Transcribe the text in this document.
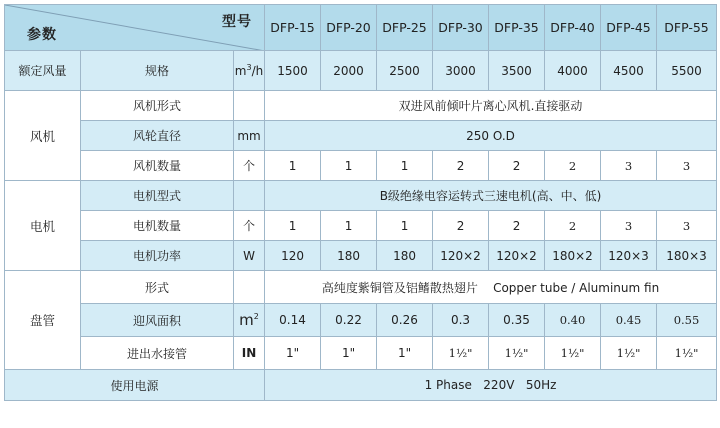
型号
参数			DFP-15	DFP-20	DFP-25	DFP-30	DFP-35	DFP-40	DFP-45	DFP-55
额定风量	规格	$m^3/h$	1500	2000	2500	3000	3500	4000	4500	5500
风机	风机形式		双进风前倾叶片离心风机.直接驱动							
	风轮直径	mm	250 O.D							
	风机数量	个	1	1	1	2	2	2	3	3
电机	电机型式		B级绝缘电容运转式三速电机(高、中、低)							
	电机数量	个	1	1	1	2	2	2	3	3
	电机功率	W	120	180	180	120×2	120×2	180×2	120×3	180×3
盘管	形式		高纯度紫铜管及铝鳍散热翅片    Copper tube / Aluminum fin							
	迎风面积	$m^2$	0.14	0.22	0.26	0.3	0.35	0.40	0.45	0.55
	进出水接管	IN	1"	1"	1"	1½"	1½"	1½"	1½"	1½"
使用电源			1 Phase   220V   50Hz							
